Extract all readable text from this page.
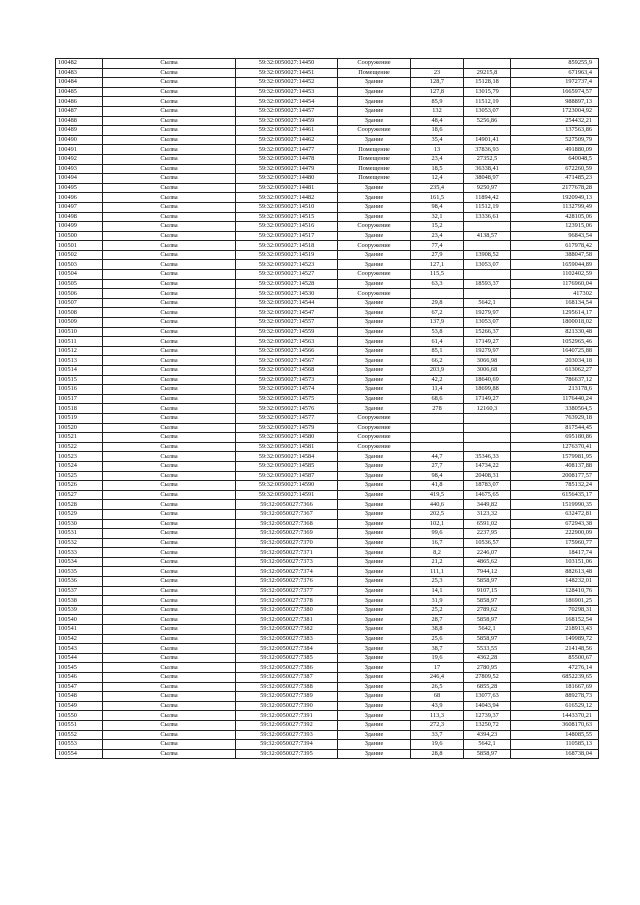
100482	Сылва	59:32:0050027:14450	Сооружение			859255,9
100483	Сылва	59:32:0050027:14451	Помещение	23	29215,8	671963,4
100484	Сылва	59:32:0050027:14452	Здание	128,7	15128,18	1972737,4
100485	Сылва	59:32:0050027:14453	Здание	127,8	13015,79	1665974,57
100486	Сылва	59:32:0050027:14454	Здание	85,9	11512,19	988897,13
100487	Сылва	59:32:0050027:14457	Здание	132	13053,07	1723004,92
100488	Сылва	59:32:0050027:14459	Здание	48,4	5256,86	254432,21
100489	Сылва	59:32:0050027:14461	Сооружение	18,6		137563,86
100490	Сылва	59:32:0050027:14462	Здание	35,4	14901,41	527509,79
100491	Сылва	59:32:0050027:14477	Помещение	13	37836,93	491880,09
100492	Сылва	59:32:0050027:14478	Помещение	23,4	27352,5	640048,5
100493	Сылва	59:32:0050027:14479	Помещение	18,5	36338,41	672260,59
100494	Сылва	59:32:0050027:14480	Помещение	12,4	38048,97	471485,23
100495	Сылва	59:32:0050027:14481	Здание	235,4	9250,97	2177678,28
100496	Сылва	59:32:0050027:14482	Здание	161,5	11894,42	1920949,13
100497	Сылва	59:32:0050027:14510	Здание	98,4	11512,19	1132799,49
100498	Сылва	59:32:0050027:14515	Здание	32,1	13336,61	428105,06
100499	Сылва	59:32:0050027:14516	Сооружение	15,2		123915,06
100500	Сылва	59:32:0050027:14517	Здание	23,4	4138,57	96843,54
100501	Сылва	59:32:0050027:14518	Сооружение	77,4		617978,42
100502	Сылва	59:32:0050027:14519	Здание	27,9	13908,52	388047,58
100503	Сылва	59:32:0050027:14523	Здание	127,1	13053,07	1659044,89
100504	Сылва	59:32:0050027:14527	Сооружение	115,5		1102402,59
100505	Сылва	59:32:0050027:14528	Здание	63,3	18593,37	1176960,04
100506	Сылва	59:32:0050027:14530	Сооружение			417302
100507	Сылва	59:32:0050027:14544	Здание	29,8	5642,1	168134,54
100508	Сылва	59:32:0050027:14547	Здание	67,2	19279,97	1295614,17
100509	Сылва	59:32:0050027:14557	Здание	137,9	13053,07	1800018,02
100510	Сылва	59:32:0050027:14559	Здание	53,8	15266,37	821330,48
100511	Сылва	59:32:0050027:14563	Здание	61,4	17149,27	1052965,46
100512	Сылва	59:32:0050027:14566	Здание	85,1	19279,97	1640725,88
100513	Сылва	59:32:0050027:14567	Здание	66,2	3066,98	203034,18
100514	Сылва	59:32:0050027:14568	Здание	203,9	3006,68	613062,27
100515	Сылва	59:32:0050027:14573	Здание	42,2	18640,69	786637,12
100516	Сылва	59:32:0050027:14574	Здание	11,4	18699,88	213178,6
100517	Сылва	59:32:0050027:14575	Здание	68,6	17149,27	1176440,24
100518	Сылва	59:32:0050027:14576	Здание	278	12160,3	3380564,5
100519	Сылва	59:32:0050027:14577	Сооружение			763929,18
100520	Сылва	59:32:0050027:14579	Сооружение			817544,45
100521	Сылва	59:32:0050027:14580	Сооружение			695180,86
100522	Сылва	59:32:0050027:14581	Сооружение			1276370,41
100523	Сылва	59:32:0050027:14584	Здание	44,7	35346,33	1579981,95
100524	Сылва	59:32:0050027:14585	Здание	27,7	14734,22	408137,88
100525	Сылва	59:32:0050027:14587	Здание	98,4	20408,31	2008177,57
100526	Сылва	59:32:0050027:14590	Здание	41,8	18783,07	785132,24
100527	Сылва	59:32:0050027:14591	Здание	419,5	14675,65	6156435,17
100528	Сылва	59:32:0050027:7366	Здание	440,6	3449,82	1519990,35
100529	Сылва	59:32:0050027:7367	Здание	202,5	3123,32	632472,81
100530	Сылва	59:32:0050027:7368	Здание	102,1	6591,02	672943,38
100531	Сылва	59:32:0050027:7369	Здание	99,6	2237,95	222900,09
100532	Сылва	59:32:0050027:7370	Здание	16,7	10536,57	175960,77
100533	Сылва	59:32:0050027:7371	Здание	8,2	2246,07	18417,74
100534	Сылва	59:32:0050027:7373	Здание	21,2	4865,62	103151,06
100535	Сылва	59:32:0050027:7374	Здание	111,1	7944,12	882613,48
100536	Сылва	59:32:0050027:7376	Здание	25,3	5858,97	148232,01
100537	Сылва	59:32:0050027:7377	Здание	14,1	9107,15	128410,76
100538	Сылва	59:32:0050027:7378	Здание	31,9	5858,97	186901,25
100539	Сылва	59:32:0050027:7380	Здание	25,2	2789,62	70298,31
100540	Сылва	59:32:0050027:7381	Здание	28,7	5858,97	168152,54
100541	Сылва	59:32:0050027:7382	Здание	38,8	5642,1	218913,43
100542	Сылва	59:32:0050027:7383	Здание	25,6	5858,97	149989,72
100543	Сылва	59:32:0050027:7384	Здание	38,7	5533,55	214148,56
100544	Сылва	59:32:0050027:7385	Здание	19,6	4362,28	85500,67
100545	Сылва	59:32:0050027:7386	Здание	17	2780,95	47276,14
100546	Сылва	59:32:0050027:7387	Здание	246,4	27809,52	6852239,65
100547	Сылва	59:32:0050027:7388	Здание	26,5	6855,28	181667,69
100548	Сылва	59:32:0050027:7389	Здание	68	13077,63	889278,73
100549	Сылва	59:32:0050027:7390	Здание	43,9	14043,94	616529,12
100550	Сылва	59:32:0050027:7391	Здание	113,3	12739,37	1443370,21
100551	Сылва	59:32:0050027:7392	Здание	272,3	13250,72	3608170,63
100552	Сылва	59:32:0050027:7393	Здание	33,7	4394,23	148085,55
100553	Сылва	59:32:0050027:7394	Здание	19,6	5642,1	110585,13
100554	Сылва	59:32:0050027:7395	Здание	28,8	5858,97	168738,04
